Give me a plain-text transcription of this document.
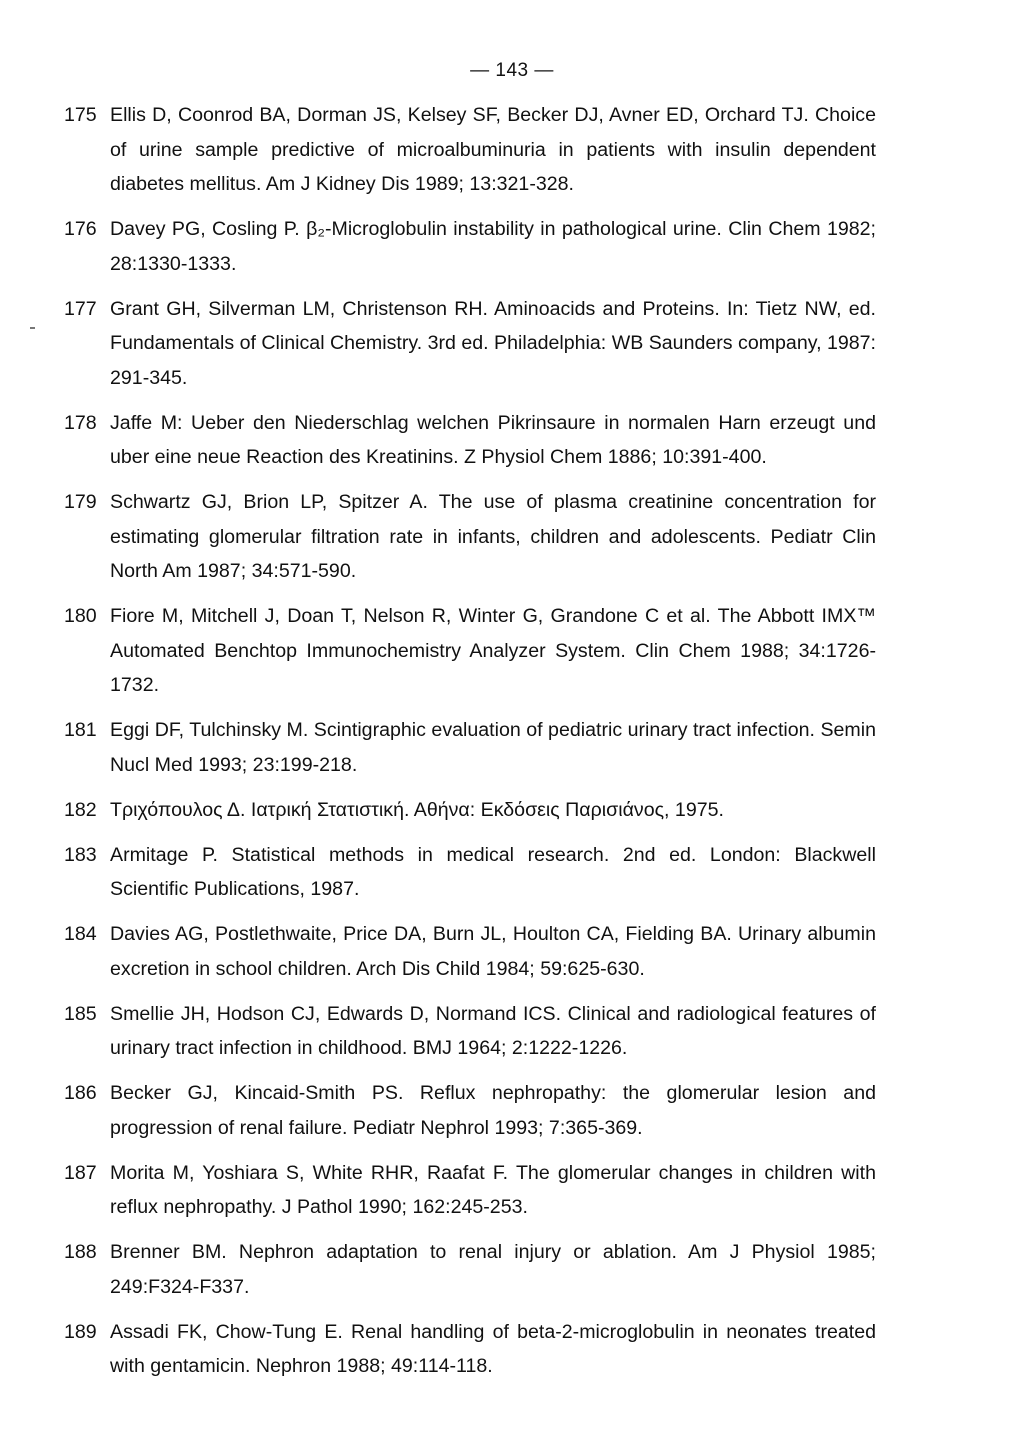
— 143 —
175 Ellis D, Coonrod BA, Dorman JS, Kelsey SF, Becker DJ, Avner ED, Orchard TJ. Choice of urine sample predictive of microalbuminuria in patients with insulin dependent diabetes mellitus. Am J Kidney Dis 1989; 13:321-328.
176 Davey PG, Cosling P. β₂-Microglobulin instability in pathological urine. Clin Chem 1982; 28:1330-1333.
177 Grant GH, Silverman LM, Christenson RH. Aminoacids and Proteins. In: Tietz NW, ed. Fundamentals of Clinical Chemistry. 3rd ed. Philadelphia: WB Saunders company, 1987: 291-345.
178 Jaffe M: Ueber den Niederschlag welchen Pikrinsaure in normalen Harn erzeugt und uber eine neue Reaction des Kreatinins. Z Physiol Chem 1886; 10:391-400.
179 Schwartz GJ, Brion LP, Spitzer A. The use of plasma creatinine concentration for estimating glomerular filtration rate in infants, children and adolescents. Pediatr Clin North Am 1987; 34:571-590.
180 Fiore M, Mitchell J, Doan T, Nelson R, Winter G, Grandone C et al. The Abbott IMX™ Automated Benchtop Immunochemistry Analyzer System. Clin Chem 1988; 34:1726-1732.
181 Eggi DF, Tulchinsky M. Scintigraphic evaluation of pediatric urinary tract infection. Semin Nucl Med 1993; 23:199-218.
182 Τριχόπουλος Δ. Ιατρική Στατιστική. Αθήνα: Εκδόσεις Παρισιάνος, 1975.
183 Armitage P. Statistical methods in medical research. 2nd ed. London: Blackwell Scientific Publications, 1987.
184 Davies AG, Postlethwaite, Price DA, Burn JL, Houlton CA, Fielding BA. Urinary albumin excretion in school children. Arch Dis Child 1984; 59:625-630.
185 Smellie JH, Hodson CJ, Edwards D, Normand ICS. Clinical and radiological features of urinary tract infection in childhood. BMJ 1964; 2:1222-1226.
186 Becker GJ, Kincaid-Smith PS. Reflux nephropathy: the glomerular lesion and progression of renal failure. Pediatr Nephrol 1993; 7:365-369.
187 Morita M, Yoshiara S, White RHR, Raafat F. The glomerular changes in children with reflux nephropathy. J Pathol 1990; 162:245-253.
188 Brenner BM. Nephron adaptation to renal injury or ablation. Am J Physiol 1985; 249:F324-F337.
189 Assadi FK, Chow-Tung E. Renal handling of beta-2-microglobulin in neonates treated with gentamicin. Nephron 1988; 49:114-118.
